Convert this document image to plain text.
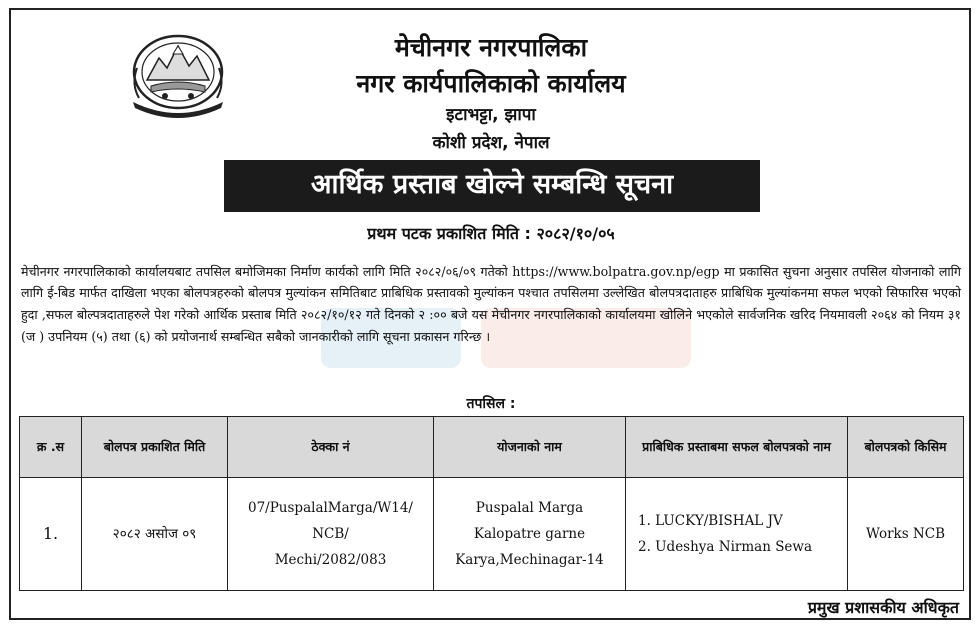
मेचीनगर नगरपालिका
नगर कार्यपालिकाको कार्यालय
इटाभट्टा, झापा
कोशी प्रदेश, नेपाल
आर्थिक प्रस्ताब खोल्ने सम्बन्धि सूचना
प्रथम पटक प्रकाशित मिति : २०८२/१०/०५

मेचीनगर नगरपालिकाको कार्यालयबाट तपसिल बमोजिमका निर्माण कार्यको लागि मिति २०८२/०६/०९ गतेको https://www.bolpatra.gov.np/egp मा प्रकासित सुचना अनुसार तपसिल योजनाको लागि लागि ई-बिड मार्फत दाखिला भएका बोलपत्रहरुको बोलपत्र मुल्यांकन समितिबाट प्राबिधिक प्रस्तावको मुल्यांकन पश्चात तपसिलमा उल्लेखित बोलपत्रदाताहरु प्राबिधिक मुल्यांकनमा सफल भएको सिफारिस भएको हुदा ,सफल बोल्पत्रदाताहरुले पेश गरेको आर्थिक प्रस्ताब मिति २०८२/१०/१२ गते दिनको २ :०० बजे यस मेचीनगर नगरपालिकाको कार्यालयमा खोलिने भएकोले सार्वजनिक खरिद नियमावली २०६४ को नियम ३१ (ज ) उपनियम (५) तथा (६) को प्रयोजनार्थ सम्बन्धित सबैको जानकारीको लागि सूचना प्रकासन गरिन्छ ।

तपसिल :
क्र .स	बोलपत्र प्रकाशित मिति	ठेक्का नं	योजनाको नाम	प्राबिधिक प्रस्ताबमा सफल बोलपत्रको नाम	बोलपत्रको किसिम
1.	२०८२ असोज ०९	07/PuspalalMarga/W14/
NCB/
Mechi/2082/083	Puspalal Marga
Kalopatre garne
Karya,Mechinagar-14	1. LUCKY/BISHAL JV
2. Udeshya Nirman Sewa	Works NCB
प्रमुख प्रशासकीय अधिकृत
